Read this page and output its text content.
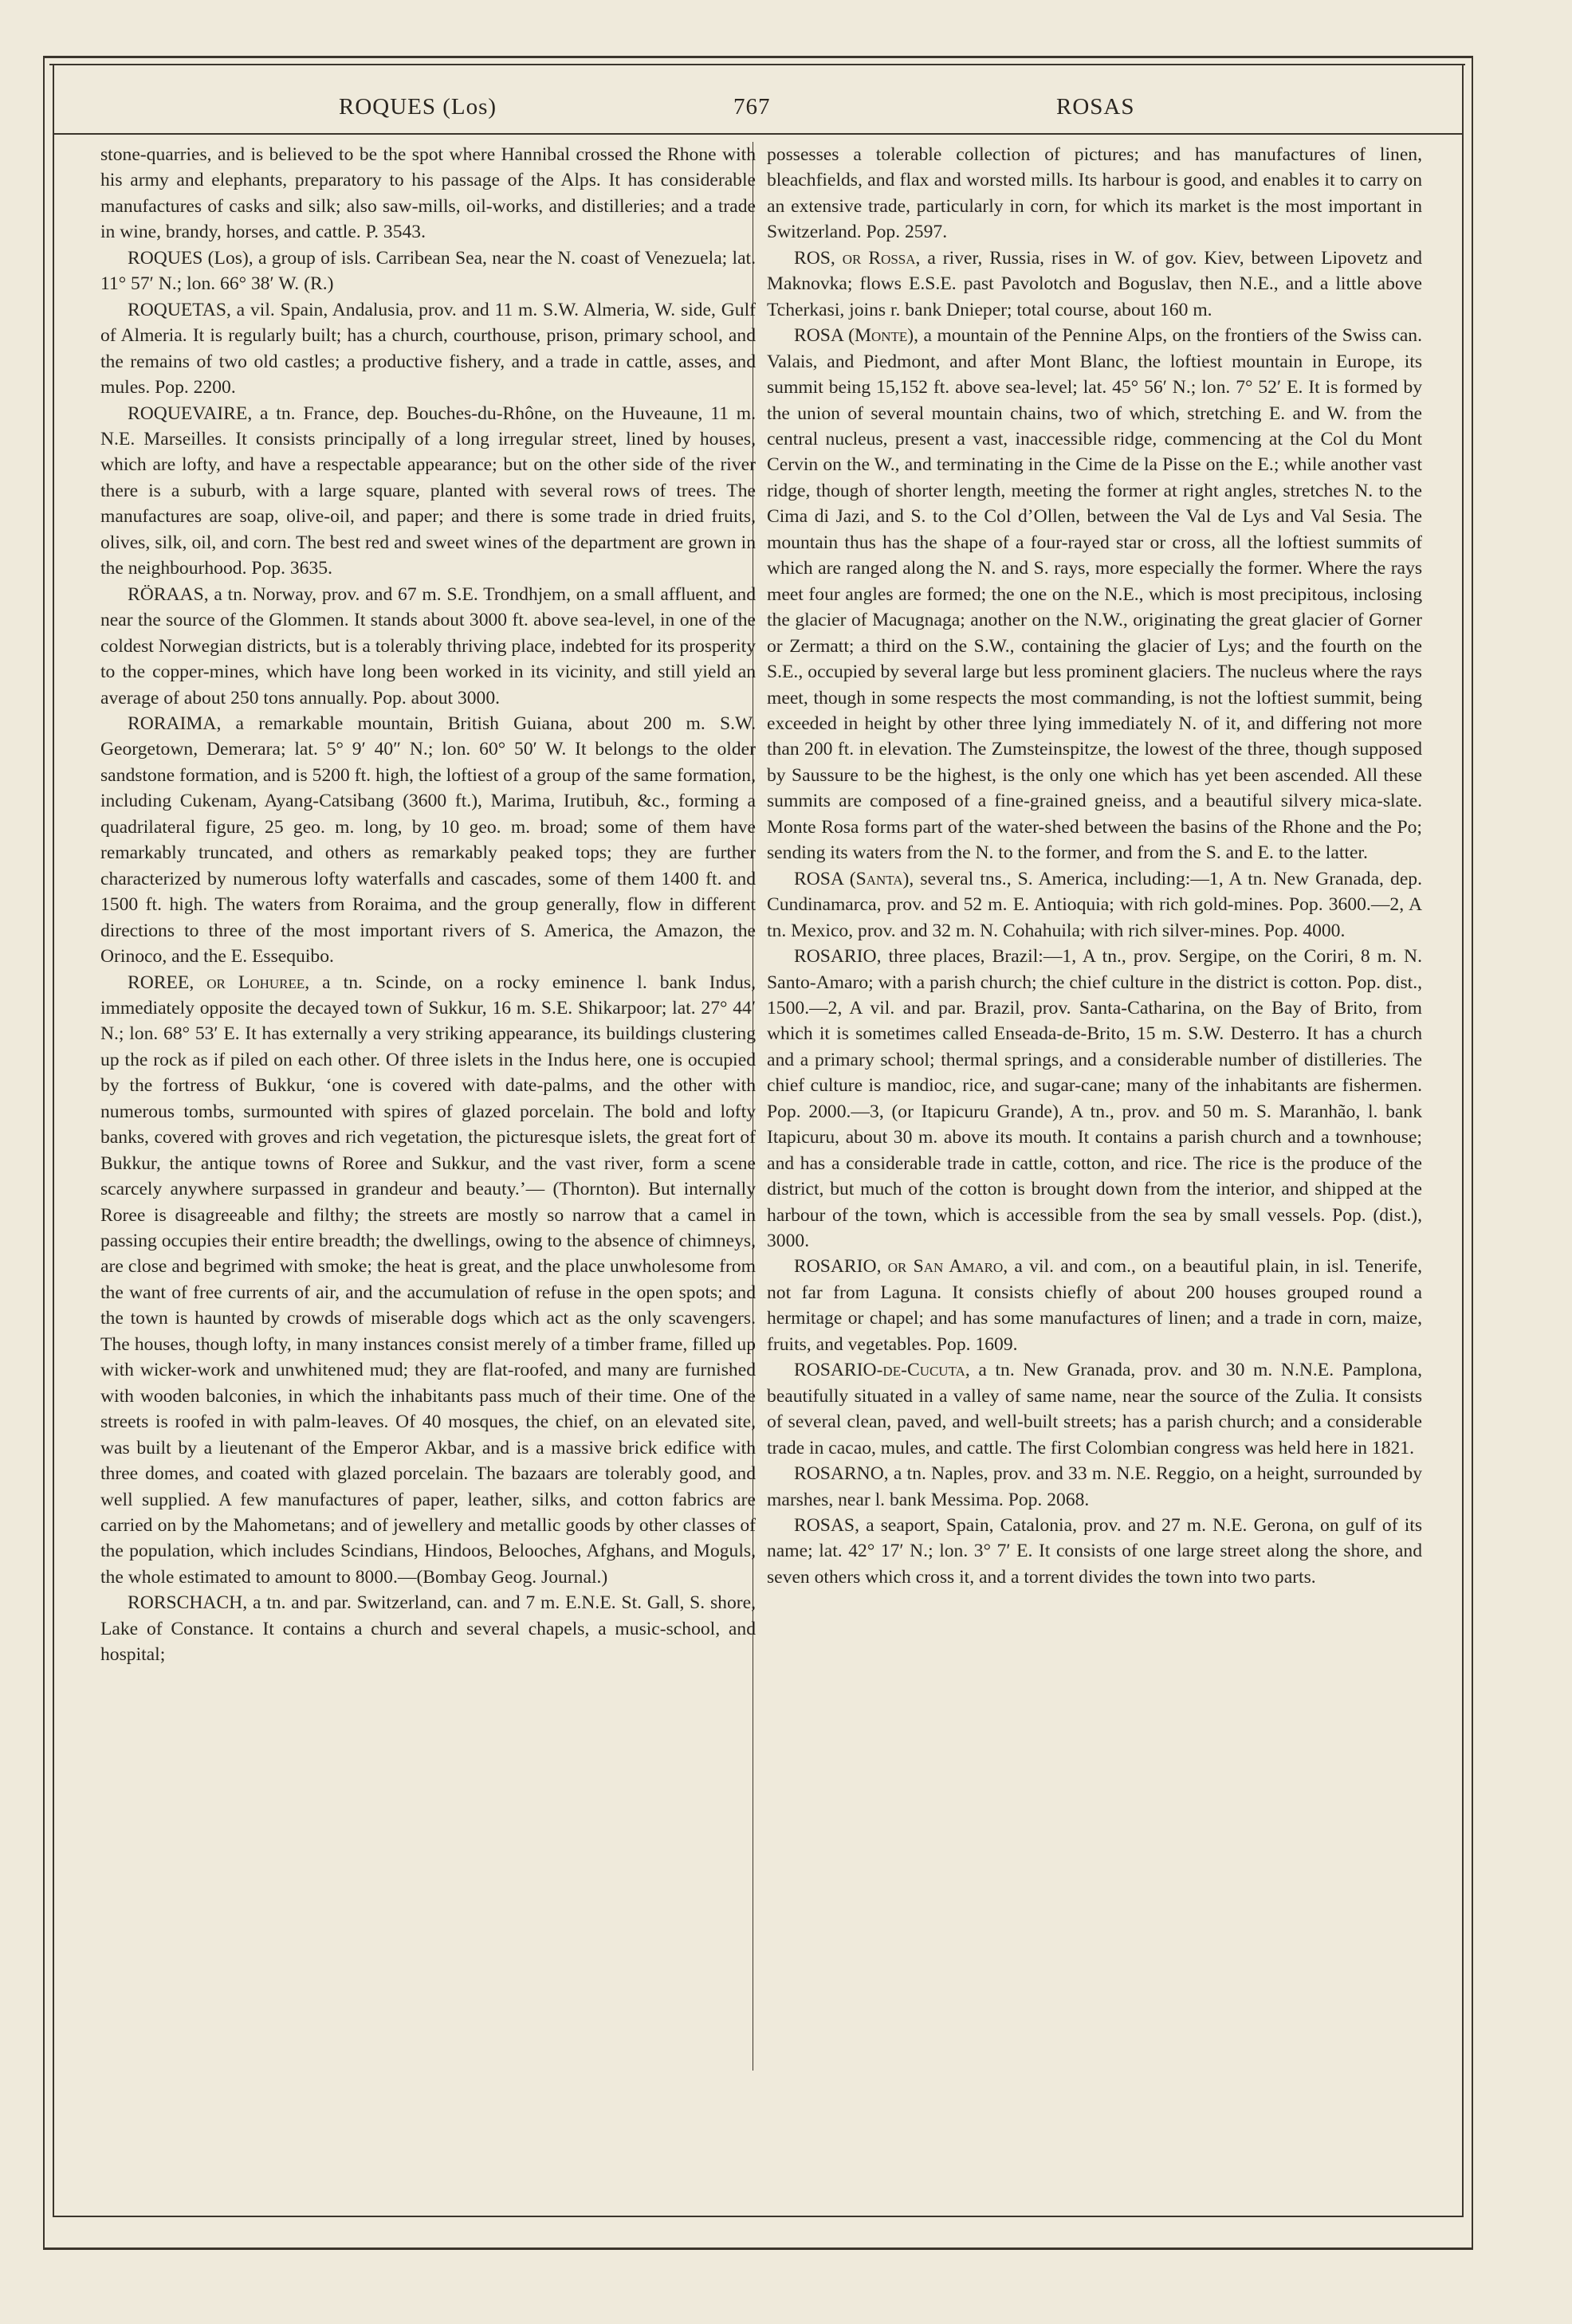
ROQUES (Los)	767	ROSAS

stone-quarries, and is believed to be the spot where Hannibal crossed the Rhone with his army and elephants, preparatory to his passage of the Alps. It has considerable manufactures of casks and silk; also saw-mills, oil-works, and distilleries; and a trade in wine, brandy, horses, and cattle. P. 3543.

ROQUES (Los), a group of isls. Carribean Sea, near the N. coast of Venezuela; lat. 11° 57′ N.; lon. 66° 38′ W. (R.)

ROQUETAS, a vil. Spain, Andalusia, prov. and 11 m. S.W. Almeria, W. side, Gulf of Almeria. It is regularly built; has a church, courthouse, prison, primary school, and the remains of two old castles; a productive fishery, and a trade in cattle, asses, and mules. Pop. 2200.

ROQUEVAIRE, a tn. France, dep. Bouches-du-Rhône, on the Huveaune, 11 m. N.E. Marseilles. It consists principally of a long irregular street, lined by houses, which are lofty, and have a respectable appearance; but on the other side of the river there is a suburb, with a large square, planted with several rows of trees. The manufactures are soap, olive-oil, and paper; and there is some trade in dried fruits, olives, silk, oil, and corn. The best red and sweet wines of the department are grown in the neighbourhood. Pop. 3635.

RÖRAAS, a tn. Norway, prov. and 67 m. S.E. Trondhjem, on a small affluent, and near the source of the Glommen. It stands about 3000 ft. above sea-level, in one of the coldest Norwegian districts, but is a tolerably thriving place, indebted for its prosperity to the copper-mines, which have long been worked in its vicinity, and still yield an average of about 250 tons annually. Pop. about 3000.

RORAIMA, a remarkable mountain, British Guiana, about 200 m. S.W. Georgetown, Demerara; lat. 5° 9′ 40″ N.; lon. 60° 50′ W. It belongs to the older sandstone formation, and is 5200 ft. high, the loftiest of a group of the same formation, including Cukenam, Ayang-Catsibang (3600 ft.), Marima, Irutibuh, &c., forming a quadrilateral figure, 25 geo. m. long, by 10 geo. m. broad; some of them have remarkably truncated, and others as remarkably peaked tops; they are further characterized by numerous lofty waterfalls and cascades, some of them 1400 ft. and 1500 ft. high. The waters from Roraima, and the group generally, flow in different directions to three of the most important rivers of S. America, the Amazon, the Orinoco, and the E. Essequibo.

ROREE, or Lohuree, a tn. Scinde, on a rocky eminence l. bank Indus, immediately opposite the decayed town of Sukkur, 16 m. S.E. Shikarpoor; lat. 27° 44′ N.; lon. 68° 53′ E. It has externally a very striking appearance, its buildings clustering up the rock as if piled on each other. Of three islets in the Indus here, one is occupied by the fortress of Bukkur, ‘one is covered with date-palms, and the other with numerous tombs, surmounted with spires of glazed porcelain. The bold and lofty banks, covered with groves and rich vegetation, the picturesque islets, the great fort of Bukkur, the antique towns of Roree and Sukkur, and the vast river, form a scene scarcely anywhere surpassed in grandeur and beauty.’— (Thornton). But internally Roree is disagreeable and filthy; the streets are mostly so narrow that a camel in passing occupies their entire breadth; the dwellings, owing to the absence of chimneys, are close and begrimed with smoke; the heat is great, and the place unwholesome from the want of free currents of air, and the accumulation of refuse in the open spots; and the town is haunted by crowds of miserable dogs which act as the only scavengers. The houses, though lofty, in many instances consist merely of a timber frame, filled up with wicker-work and unwhitened mud; they are flat-roofed, and many are furnished with wooden balconies, in which the inhabitants pass much of their time. One of the streets is roofed in with palm-leaves. Of 40 mosques, the chief, on an elevated site, was built by a lieutenant of the Emperor Akbar, and is a massive brick edifice with three domes, and coated with glazed porcelain. The bazaars are tolerably good, and well supplied. A few manufactures of paper, leather, silks, and cotton fabrics are carried on by the Mahometans; and of jewellery and metallic goods by other classes of the population, which includes Scindians, Hindoos, Belooches, Afghans, and Moguls, the whole estimated to amount to 8000.—(Bombay Geog. Journal.)

RORSCHACH, a tn. and par. Switzerland, can. and 7 m. E.N.E. St. Gall, S. shore, Lake of Constance. It contains a church and several chapels, a music-school, and hospital;

possesses a tolerable collection of pictures; and has manufactures of linen, bleachfields, and flax and worsted mills. Its harbour is good, and enables it to carry on an extensive trade, particularly in corn, for which its market is the most important in Switzerland. Pop. 2597.

ROS, or Rossa, a river, Russia, rises in W. of gov. Kiev, between Lipovetz and Maknovka; flows E.S.E. past Pavolotch and Boguslav, then N.E., and a little above Tcherkasi, joins r. bank Dnieper; total course, about 160 m.

ROSA (Monte), a mountain of the Pennine Alps, on the frontiers of the Swiss can. Valais, and Piedmont, and after Mont Blanc, the loftiest mountain in Europe, its summit being 15,152 ft. above sea-level; lat. 45° 56′ N.; lon. 7° 52′ E. It is formed by the union of several mountain chains, two of which, stretching E. and W. from the central nucleus, present a vast, inaccessible ridge, commencing at the Col du Mont Cervin on the W., and terminating in the Cime de la Pisse on the E.; while another vast ridge, though of shorter length, meeting the former at right angles, stretches N. to the Cima di Jazi, and S. to the Col d’Ollen, between the Val de Lys and Val Sesia. The mountain thus has the shape of a four-rayed star or cross, all the loftiest summits of which are ranged along the N. and S. rays, more especially the former. Where the rays meet four angles are formed; the one on the N.E., which is most precipitous, inclosing the glacier of Macugnaga; another on the N.W., originating the great glacier of Gorner or Zermatt; a third on the S.W., containing the glacier of Lys; and the fourth on the S.E., occupied by several large but less prominent glaciers. The nucleus where the rays meet, though in some respects the most commanding, is not the loftiest summit, being exceeded in height by other three lying immediately N. of it, and differing not more than 200 ft. in elevation. The Zumsteinspitze, the lowest of the three, though supposed by Saussure to be the highest, is the only one which has yet been ascended. All these summits are composed of a fine-grained gneiss, and a beautiful silvery mica-slate. Monte Rosa forms part of the water-shed between the basins of the Rhone and the Po; sending its waters from the N. to the former, and from the S. and E. to the latter.

ROSA (Santa), several tns., S. America, including:—1, A tn. New Granada, dep. Cundinamarca, prov. and 52 m. E. Antioquia; with rich gold-mines. Pop. 3600.—2, A tn. Mexico, prov. and 32 m. N. Cohahuila; with rich silver-mines. Pop. 4000.

ROSARIO, three places, Brazil:—1, A tn., prov. Sergipe, on the Coriri, 8 m. N. Santo-Amaro; with a parish church; the chief culture in the district is cotton. Pop. dist., 1500.—2, A vil. and par. Brazil, prov. Santa-Catharina, on the Bay of Brito, from which it is sometimes called Enseada-de-Brito, 15 m. S.W. Desterro. It has a church and a primary school; thermal springs, and a considerable number of distilleries. The chief culture is mandioc, rice, and sugar-cane; many of the inhabitants are fishermen. Pop. 2000.—3, (or Itapicuru Grande), A tn., prov. and 50 m. S. Maranhão, l. bank Itapicuru, about 30 m. above its mouth. It contains a parish church and a townhouse; and has a considerable trade in cattle, cotton, and rice. The rice is the produce of the district, but much of the cotton is brought down from the interior, and shipped at the harbour of the town, which is accessible from the sea by small vessels. Pop. (dist.), 3000.

ROSARIO, or San Amaro, a vil. and com., on a beautiful plain, in isl. Tenerife, not far from Laguna. It consists chiefly of about 200 houses grouped round a hermitage or chapel; and has some manufactures of linen; and a trade in corn, maize, fruits, and vegetables. Pop. 1609.

ROSARIO-de-Cucuta, a tn. New Granada, prov. and 30 m. N.N.E. Pamplona, beautifully situated in a valley of same name, near the source of the Zulia. It consists of several clean, paved, and well-built streets; has a parish church; and a considerable trade in cacao, mules, and cattle. The first Colombian congress was held here in 1821.

ROSARNO, a tn. Naples, prov. and 33 m. N.E. Reggio, on a height, surrounded by marshes, near l. bank Messima. Pop. 2068.

ROSAS, a seaport, Spain, Catalonia, prov. and 27 m. N.E. Gerona, on gulf of its name; lat. 42° 17′ N.; lon. 3° 7′ E. It consists of one large street along the shore, and seven others which cross it, and a torrent divides the town into two parts.
